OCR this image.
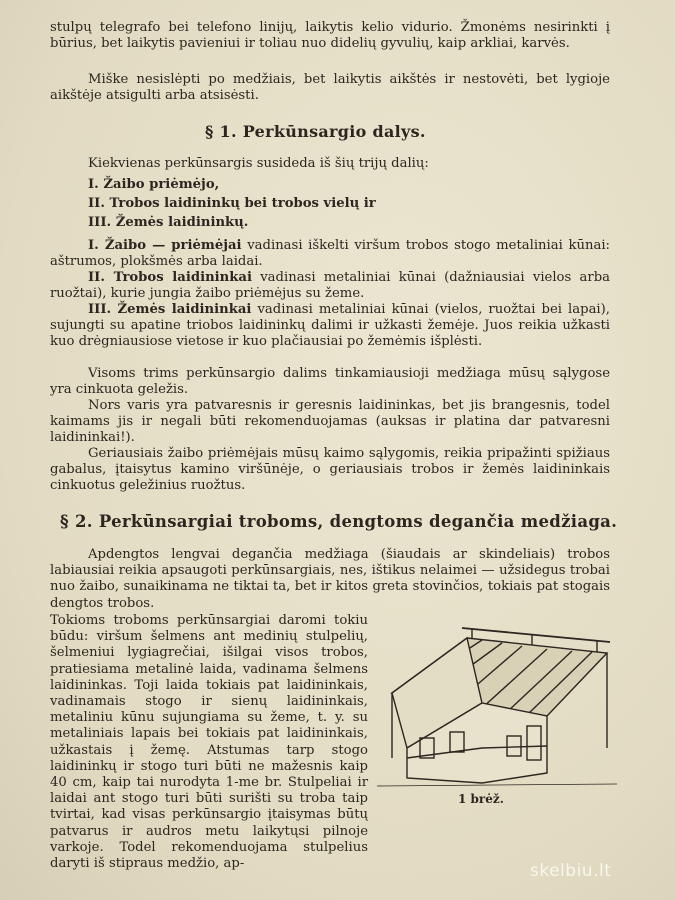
stulpų telegrafo bei telefono linijų, laikytis kelio vidurio. Žmonėms nesirinkti į būrius, bet laikytis pavieniui ir toliau nuo didelių gyvulių, kaip arkliai, karvės.

Miške nesislėpti po medžiais, bet laikytis aikštės ir nestovėti, bet lygioje aikštėje atsigulti arba atsisėsti.

§ 1. Perkūnsargio dalys.

Kiekvienas perkūnsargis susideda iš šių trijų dalių:

I. Žaibo priėmėjo,

II. Trobos laidininkų bei trobos vielų ir

III. Žemės laidininkų.

I. Žaibo — priėmėjai vadinasi iškelti viršum trobos stogo metaliniai kūnai: aštrumos, plokšmės arba laidai.

II. Trobos laidininkai vadinasi metaliniai kūnai (dažniausiai vielos arba ruožtai), kurie jungia žaibo priėmėjus su žeme.

III. Žemės laidininkai vadinasi metaliniai kūnai (vielos, ruožtai bei lapai), sujungti su apatine triobos laidininkų dalimi ir užkasti žemėje. Juos reikia užkasti kuo drėgniausiose vietose ir kuo plačiausiai po žemėmis išplėsti.

Visoms trims perkūnsargio dalims tinkamiausioji medžiaga mūsų sąlygose yra cinkuota geležis.

Nors varis yra patvaresnis ir geresnis laidininkas, bet jis brangesnis, todel kaimams jis ir negali būti rekomenduojamas (auksas ir platina dar patvaresni laidininkai!).

Geriausiais žaibo priėmėjais mūsų kaimo sąlygomis, reikia pripažinti spižiaus gabalus, įtaisytus kamino viršūnėje, o geriausiais trobos ir žemės laidininkais cinkuotus geležinius ruožtus.

§ 2. Perkūnsargiai troboms, dengtoms degančia medžiaga.

Apdengtos lengvai degančia medžiaga (šiaudais ar skindeliais) trobos labiausiai reikia apsaugoti perkūnsargiais, nes, ištikus nelaimei — užsidegus trobai nuo žaibo, sunaikinama ne tiktai ta, bet ir kitos greta stovinčios, tokiais pat stogais dengtos trobos.

Tokioms troboms perkūnsargiai daromi tokiu būdu: viršum šelmens ant medinių stulpelių, šelmeniui lygiagrečiai, išilgai visos trobos, pratiesiama metalinė laida, vadinama šelmens laidininkas. Toji laida tokiais pat laidininkais, vadinamais stogo ir sienų laidininkais, metaliniu kūnu sujungiama su žeme, t. y. su metaliniais lapais bei tokiais pat laidininkais, užkastais į žemę. Atstumas tarp stogo laidininkų ir stogo turi būti ne mažesnis kaip 40 cm, kaip tai nurodyta 1-me br. Stulpeliai ir laidai ant stogo turi būti surišti su troba taip tvirtai, kad visas perkūnsargio įtaisymas būtų patvarus ir audros metu laikytųsi pilnoje varkoje. Todel rekomenduojama stulpelius daryti iš stipraus medžio, ap-

1 brėž.
skelbiu.lt
